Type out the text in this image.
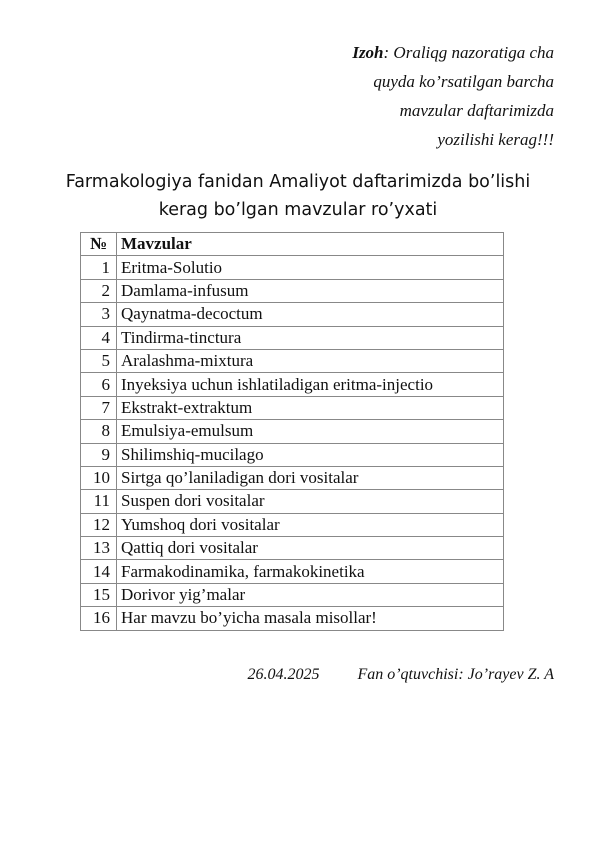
Izoh: Oraliqg nazoratiga cha
quyda ko’rsatilgan barcha
mavzular daftarimizda
yozilishi kerag!!!
Farmakologiya fanidan Amaliyot daftarimizda bo’lishi
kerag bo’lgan mavzular ro’yxati
№	Mavzular
1	Eritma-Solutio
2	Damlama-infusum
3	Qaynatma-decoctum
4	Tindirma-tinctura
5	Aralashma-mixtura
6	Inyeksiya uchun ishlatiladigan eritma-injectio
7	Ekstrakt-extraktum
8	Emulsiya-emulsum
9	Shilimshiq-mucilago
10	Sirtga qo’laniladigan dori vositalar
11	Suspen dori vositalar
12	Yumshoq dori vositalar
13	Qattiq dori vositalar
14	Farmakodinamika, farmakokinetika
15	Dorivor yig’malar
16	Har mavzu bo’yicha masala misollar!
26.04.2025 Fan o’qtuvchisi: Jo’rayev Z. A
